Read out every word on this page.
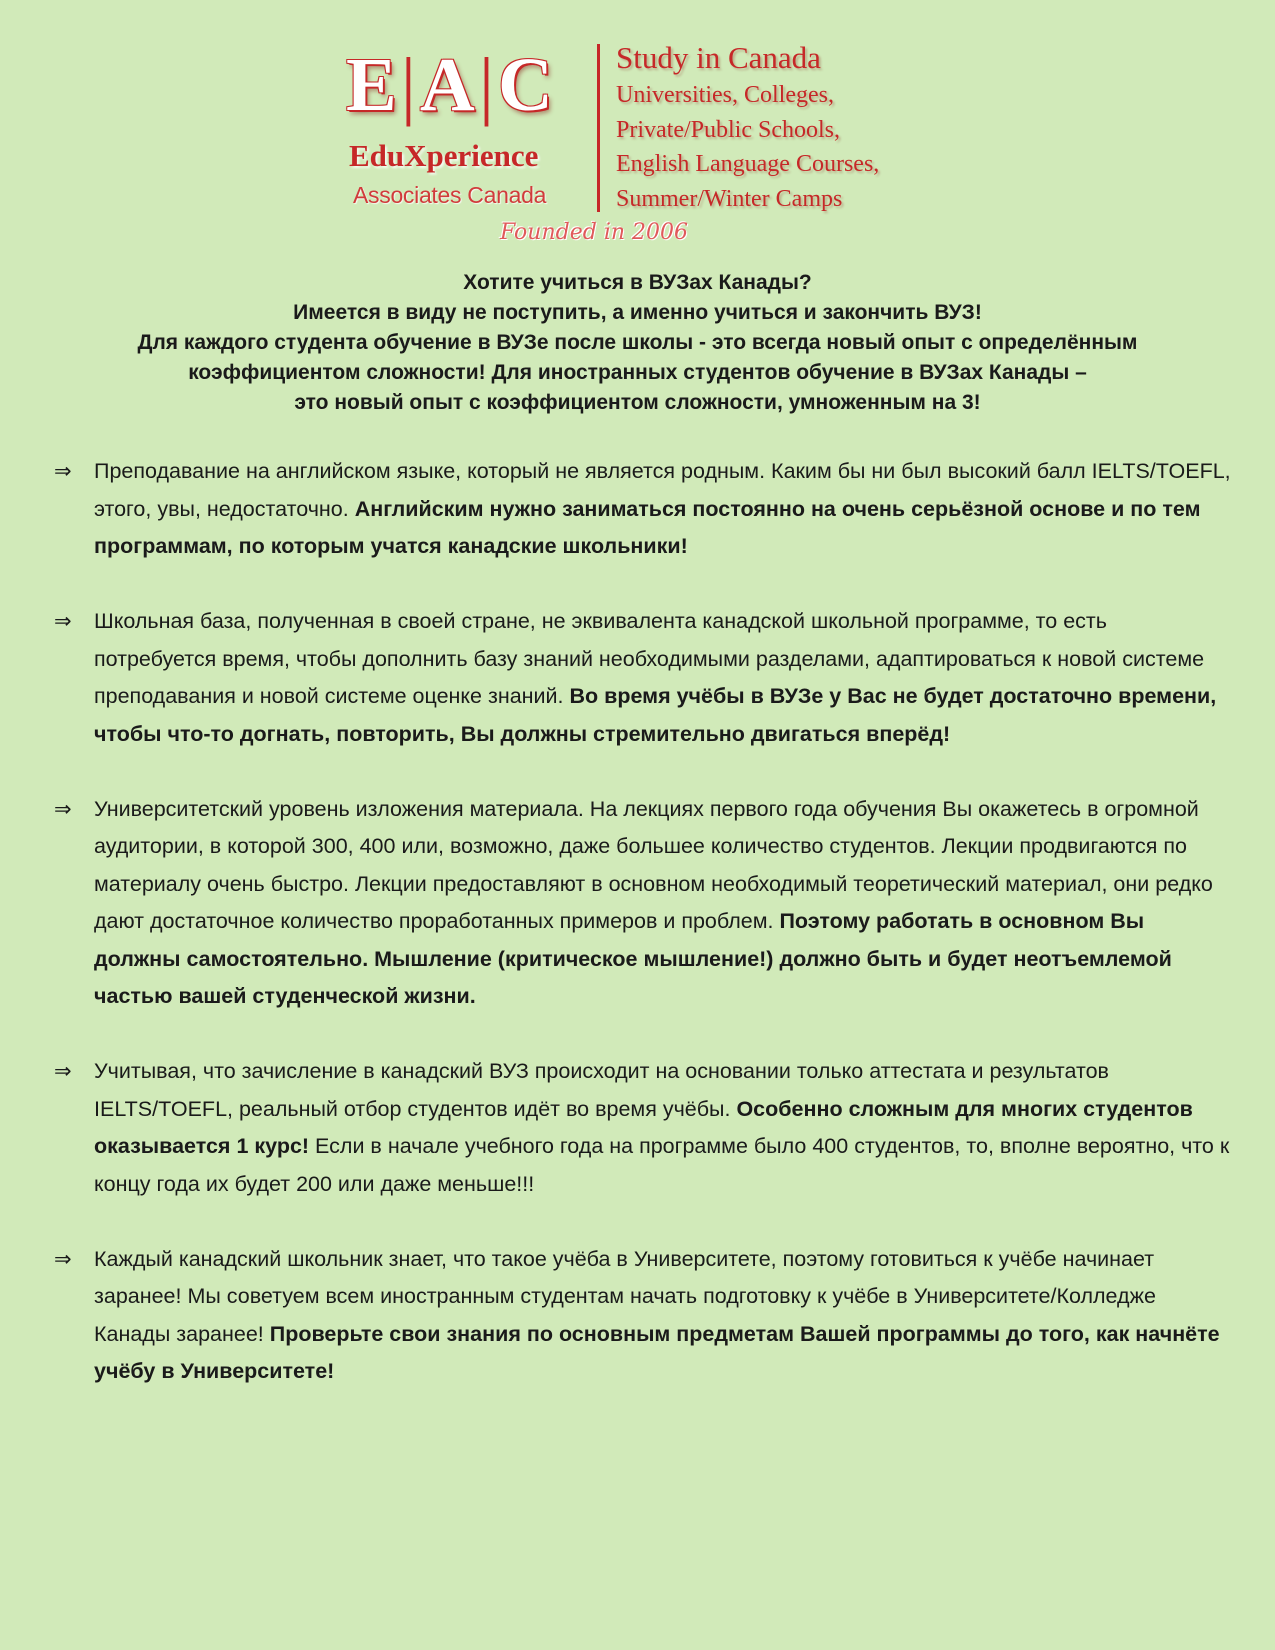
E|A|C
EduXperience
Associates Canada
Founded in 2006
Study in Canada
Universities, Colleges,
Private/Public Schools,
English Language Courses,
Summer/Winter Camps
Хотите учиться в ВУЗах Канады?
Имеется в виду не поступить, а именно учиться и закончить ВУЗ!
Для каждого студента обучение в ВУЗе после школы - это всегда новый опыт с определённым
коэффициентом сложности! Для иностранных студентов обучение в ВУЗах Канады –
это новый опыт с коэффициентом сложности, умноженным на 3!
⇒ Преподавание на английском языке, который не является родным. Каким бы ни был высокий балл IELTS/TOEFL, этого, увы, недостаточно. Английским нужно заниматься постоянно на очень серьёзной основе и по тем программам, по которым учатся канадские школьники!
⇒ Школьная база, полученная в своей стране, не эквивалента канадской школьной программе, то есть потребуется время, чтобы дополнить базу знаний необходимыми разделами, адаптироваться к новой системе преподавания и новой системе оценке знаний. Во время учёбы в ВУЗе у Вас не будет достаточно времени, чтобы что-то догнать, повторить, Вы должны стремительно двигаться вперёд!
⇒ Университетский уровень изложения материала. На лекциях первого года обучения Вы окажетесь в огромной аудитории, в которой 300, 400 или, возможно, даже большее количество студентов. Лекции продвигаются по материалу очень быстро. Лекции предоставляют в основном необходимый теоретический материал, они редко дают достаточное количество проработанных примеров и проблем. Поэтому работать в основном Вы должны самостоятельно. Мышление (критическое мышление!) должно быть и будет неотъемлемой частью вашей студенческой жизни.
⇒ Учитывая, что зачисление в канадский ВУЗ происходит на основании только аттестата и результатов IELTS/TOEFL, реальный отбор студентов идёт во время учёбы. Особенно сложным для многих студентов оказывается 1 курс! Если в начале учебного года на программе было 400 студентов, то, вполне вероятно, что к концу года их будет 200 или даже меньше!!!
⇒ Каждый канадский школьник знает, что такое учёба в Университете, поэтому готовиться к учёбе начинает заранее! Мы советуем всем иностранным студентам начать подготовку к учёбе в Университете/Колледже Канады заранее! Проверьте свои знания по основным предметам Вашей программы до того, как начнёте учёбу в Университете!
